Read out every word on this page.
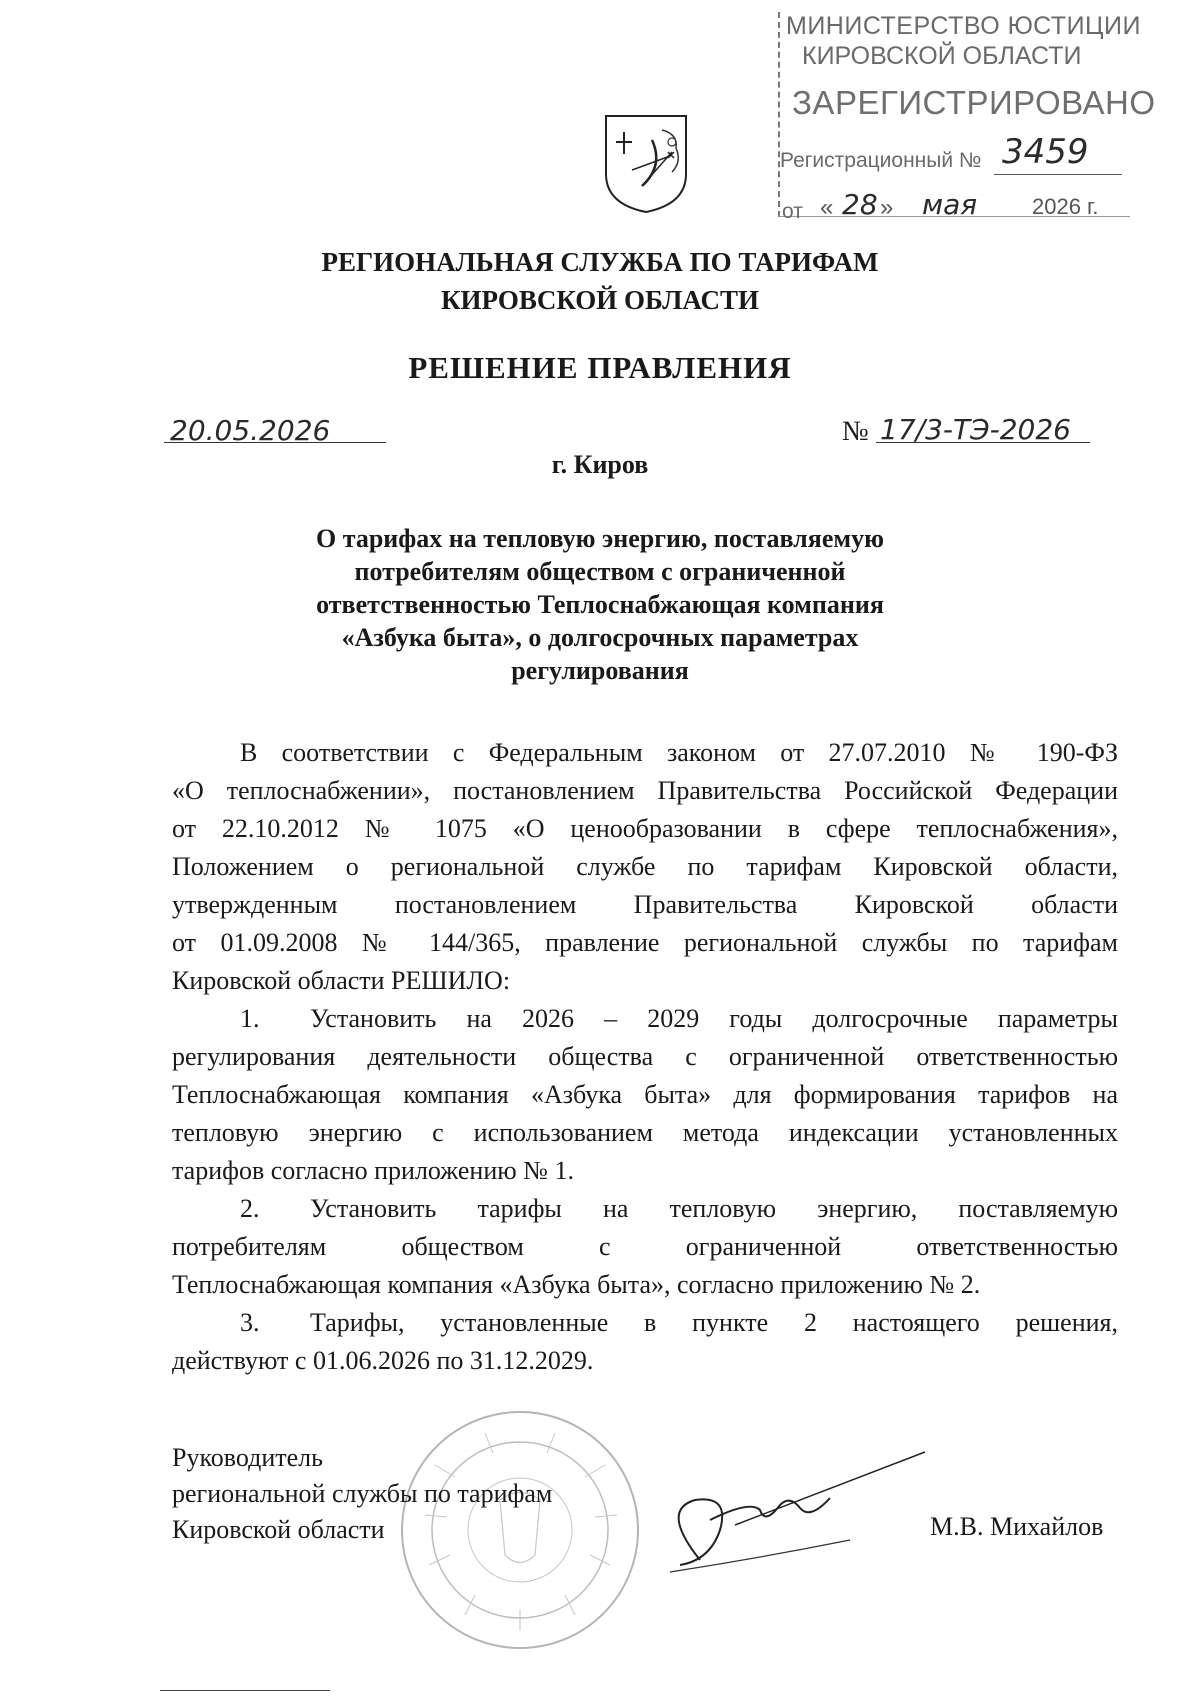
МИНИСТЕРСТВО ЮСТИЦИИ
КИРОВСКОЙ ОБЛАСТИ
ЗАРЕГИСТРИРОВАНО
Регистрационный № 3459
от « 28 » мая 2026 г.
РЕГИОНАЛЬНАЯ СЛУЖБА ПО ТАРИФАМ
КИРОВСКОЙ ОБЛАСТИ
РЕШЕНИЕ ПРАВЛЕНИЯ
20.05.2026	№ 17/3-ТЭ-2026
г. Киров
О тарифах на тепловую энергию, поставляемую
потребителям обществом с ограниченной
ответственностью Теплоснабжающая компания
«Азбука быта», о долгосрочных параметрах
регулирования

В соответствии с Федеральным законом от 27.07.2010 № 190-ФЗ

«О теплоснабжении», постановлением Правительства Российской Федерации

от 22.10.2012 № 1075 «О ценообразовании в сфере теплоснабжения»,

Положением о региональной службе по тарифам Кировской области,

утвержденным постановлением Правительства Кировской области

от 01.09.2008 № 144/365, правление региональной службы по тарифам

Кировской области РЕШИЛО:

1. Установить на 2026 – 2029 годы долгосрочные параметры

регулирования деятельности общества с ограниченной ответственностью

Теплоснабжающая компания «Азбука быта» для формирования тарифов на

тепловую энергию с использованием метода индексации установленных

тарифов согласно приложению № 1.

2. Установить тарифы на тепловую энергию, поставляемую

потребителям обществом с ограниченной ответственностью

Теплоснабжающая компания «Азбука быта», согласно приложению № 2.

3. Тарифы, установленные в пункте 2 настоящего решения,

действуют с 01.06.2026 по 31.12.2029.

Руководитель
региональной службы по тарифам
Кировской области	М.В. Михайлов
